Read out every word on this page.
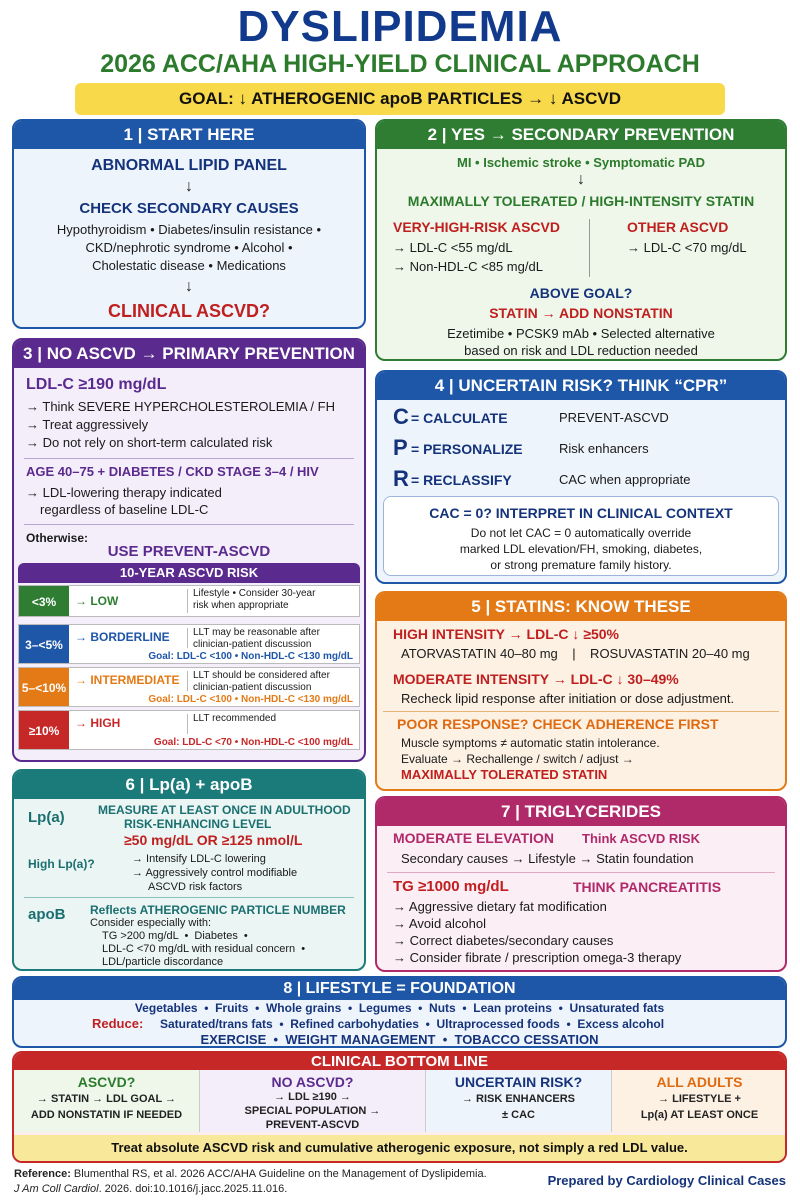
DYSLIPIDEMIA
2026 ACC/AHA HIGH-YIELD CLINICAL APPROACH
GOAL: ↓ ATHEROGENIC apoB PARTICLES → ↓ ASCVD
1 | START HERE
ABNORMAL LIPID PANEL
↓
CHECK SECONDARY CAUSES
Hypothyroidism • Diabetes/insulin resistance •
CKD/nephrotic syndrome • Alcohol •
Cholestatic disease • Medications
↓
CLINICAL ASCVD?
2 | YES → SECONDARY PREVENTION
MI • Ischemic stroke • Symptomatic PAD
↓
MAXIMALLY TOLERATED / HIGH-INTENSITY STATIN
VERY-HIGH-RISK ASCVD
→ LDL-C <55 mg/dL
→ Non-HDL-C <85 mg/dL
OTHER ASCVD
→ LDL-C <70 mg/dL
ABOVE GOAL?
STATIN → ADD NONSTATIN
Ezetimibe • PCSK9 mAb • Selected alternative
based on risk and LDL reduction needed
3 | NO ASCVD → PRIMARY PREVENTION
LDL-C ≥190 mg/dL
→ Think SEVERE HYPERCHOLESTEROLEMIA / FH
→ Treat aggressively
→ Do not rely on short-term calculated risk
AGE 40–75 + DIABETES / CKD STAGE 3–4 / HIV
→ LDL-lowering therapy indicated
regardless of baseline LDL-C
Otherwise:
USE PREVENT-ASCVD
10-YEAR ASCVD RISK
<3%	→ LOW
Lifestyle • Consider 30-year
risk when appropriate
3–<5%
→ BORDERLINE LLT may be reasonable after
clinician-patient discussion
Goal: LDL-C <100 • Non-HDL-C <130 mg/dL
5–<10%
→ INTERMEDIATE LLT should be considered after
clinician-patient discussion
Goal: LDL-C <100 • Non-HDL-C <130 mg/dL
≥10%
→ HIGH	LLT recommended
Goal: LDL-C <70 • Non-HDL-C <100 mg/dL
4 | UNCERTAIN RISK? THINK “CPR”
C = CALCULATE	PREVENT-ASCVD
P = PERSONALIZE	Risk enhancers
R = RECLASSIFY	CAC when appropriate
CAC = 0? INTERPRET IN CLINICAL CONTEXT
Do not let CAC = 0 automatically override
marked LDL elevation/FH, smoking, diabetes,
or strong premature family history.
5 | STATINS: KNOW THESE
HIGH INTENSITY → LDL-C ↓ ≥50%
ATORVASTATIN 40–80 mg    |    ROSUVASTATIN 20–40 mg
MODERATE INTENSITY → LDL-C ↓ 30–49%
Recheck lipid response after initiation or dose adjustment.
POOR RESPONSE? CHECK ADHERENCE FIRST
Muscle symptoms ≠ automatic statin intolerance.
Evaluate → Rechallenge / switch / adjust →
MAXIMALLY TOLERATED STATIN
6 | Lp(a) + apoB
Lp(a)	MEASURE AT LEAST ONCE IN ADULTHOOD
RISK-ENHANCING LEVEL
≥50 mg/dL OR ≥125 nmol/L
High Lp(a)?	→ Intensify LDL-C lowering
→ Aggressively control modifiable
ASCVD risk factors
apoB Reflects ATHEROGENIC PARTICLE NUMBER
Consider especially with:
TG >200 mg/dL  •  Diabetes  •
LDL-C <70 mg/dL with residual concern  •
LDL/particle discordance
7 | TRIGLYCERIDES
MODERATE ELEVATION Think ASCVD RISK
Secondary causes → Lifestyle → Statin foundation
TG ≥1000 mg/dL	THINK PANCREATITIS
→ Aggressive dietary fat modification
→ Avoid alcohol
→ Correct diabetes/secondary causes
→ Consider fibrate / prescription omega-3 therapy
8 | LIFESTYLE = FOUNDATION
Vegetables  •  Fruits  •  Whole grains  •  Legumes  •  Nuts  •  Lean proteins  •  Unsaturated fats
Reduce: Saturated/trans fats  •  Refined carbohydaties  •  Ultraprocessed foods  •  Excess alcohol
EXERCISE  •  WEIGHT MANAGEMENT  •  TOBACCO CESSATION
CLINICAL BOTTOM LINE
ASCVD?
→ STATIN → LDL GOAL →
ADD NONSTATIN IF NEEDED
NO ASCVD?
→ LDL ≥190 →
SPECIAL POPULATION →
PREVENT-ASCVD
UNCERTAIN RISK?
→ RISK ENHANCERS
± CAC
ALL ADULTS
→ LIFESTYLE +
Lp(a) AT LEAST ONCE
Treat absolute ASCVD risk and cumulative atherogenic exposure, not simply a red LDL value.
Reference: Blumenthal RS, et al. 2026 ACC/AHA Guideline on the Management of Dyslipidemia.
J Am Coll Cardiol. 2026. doi:10.1016/j.jacc.2025.11.016.
Prepared by Cardiology Clinical Cases
